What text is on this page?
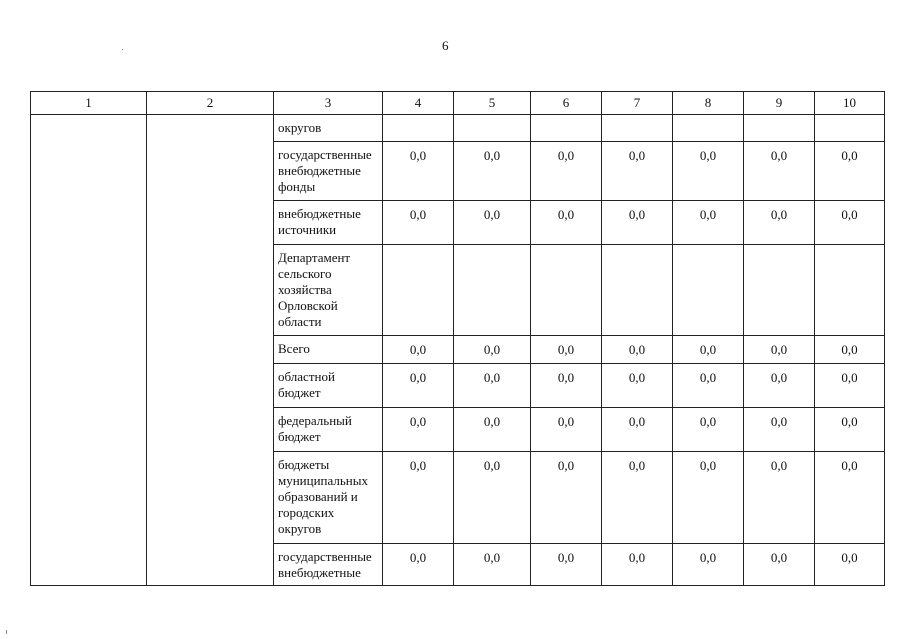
6
1	2	3	4	5	6	7	8	9	10
		округов							
		государственные внебюджетные фонды	0,0	0,0	0,0	0,0	0,0	0,0	0,0
		внебюджетные источники	0,0	0,0	0,0	0,0	0,0	0,0	0,0
		Департамент сельского хозяйства Орловской области							
		Всего	0,0	0,0	0,0	0,0	0,0	0,0	0,0
		областной бюджет	0,0	0,0	0,0	0,0	0,0	0,0	0,0
		федеральный бюджет	0,0	0,0	0,0	0,0	0,0	0,0	0,0
		бюджеты муниципальных образований и городских округов	0,0	0,0	0,0	0,0	0,0	0,0	0,0
		государственные внебюджетные	0,0	0,0	0,0	0,0	0,0	0,0	0,0
